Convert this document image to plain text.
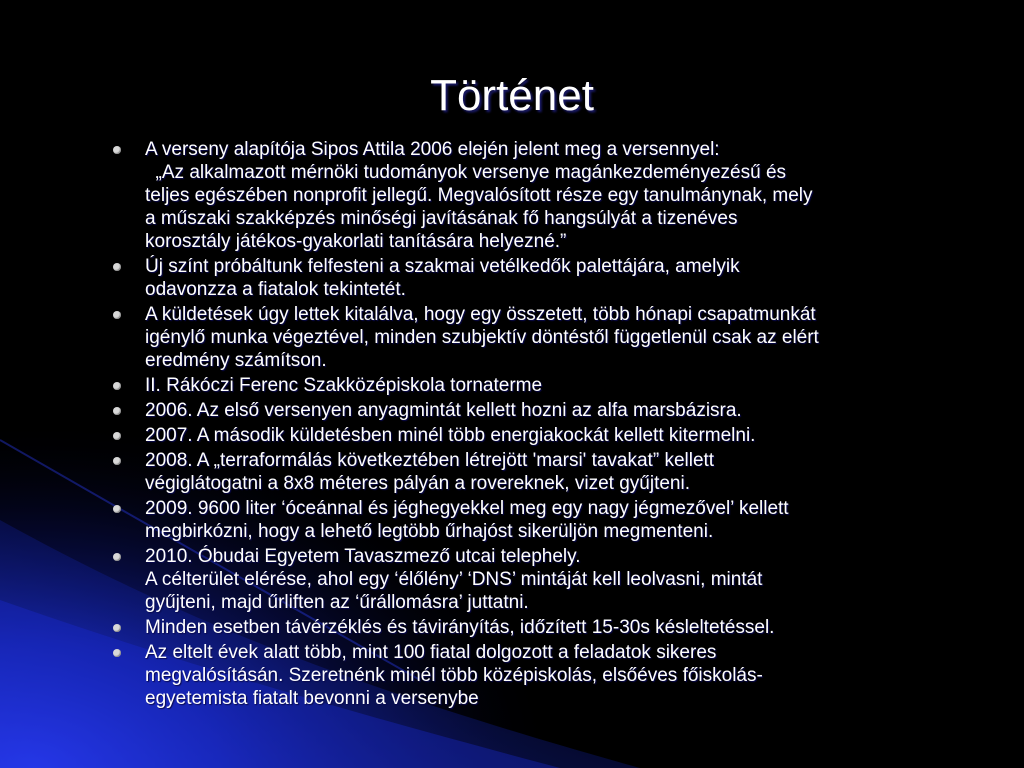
Történet
A verseny alapítója Sipos Attila 2006 elején jelent meg a versennyel:
„Az alkalmazott mérnöki tudományok versenye magánkezdeményezésű és
teljes egészében nonprofit jellegű. Megvalósított része egy tanulmánynak, mely
a műszaki szakképzés minőségi javításának fő hangsúlyát a tizenéves
korosztály játékos-gyakorlati tanítására helyezné.”
Új színt próbáltunk felfesteni a szakmai vetélkedők palettájára, amelyik
odavonzza a fiatalok tekintetét.
A küldetések úgy lettek kitalálva, hogy egy összetett, több hónapi csapatmunkát
igénylő munka végeztével, minden szubjektív döntéstől függetlenül csak az elért
eredmény számítson.
II. Rákóczi Ferenc Szakközépiskola tornaterme
2006. Az első versenyen anyagmintát kellett hozni az alfa marsbázisra.
2007. A második küldetésben minél több energiakockát kellett kitermelni.
2008. A „terraformálás következtében létrejött 'marsi' tavakat” kellett
végiglátogatni a 8x8 méteres pályán a rovereknek, vizet gyűjteni.
2009. 9600 liter ‘óceánnal és jéghegyekkel meg egy nagy jégmezővel’ kellett
megbirkózni, hogy a lehető legtöbb űrhajóst sikerüljön megmenteni.
2010. Óbudai Egyetem Tavaszmező utcai telephely.
A célterület elérése, ahol egy ‘élőlény’ ‘DNS’ mintáját kell leolvasni, mintát
gyűjteni, majd űrliften az ‘űrállomásra’ juttatni.
Minden esetben távérzéklés és távirányítás, időzített 15-30s késleltetéssel.
Az eltelt évek alatt több, mint 100 fiatal dolgozott a feladatok sikeres
megvalósításán. Szeretnénk minél több középiskolás, elsőéves főiskolás-
egyetemista fiatalt bevonni a versenybe
